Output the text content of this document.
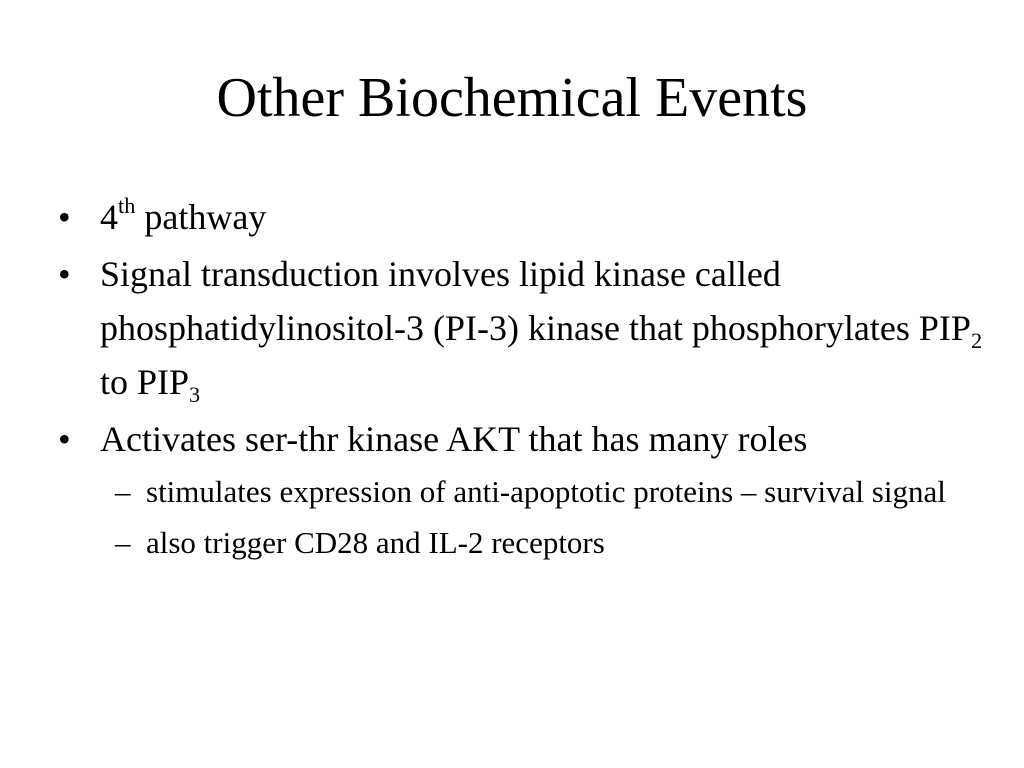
Other Biochemical Events
• 4th pathway
• Signal transduction involves lipid kinase called phosphatidylinositol-3 (PI-3) kinase that phosphorylates $PIP_2$ to $PIP_3$
• Activates ser-thr kinase AKT that has many roles
– stimulates expression of anti-apoptotic proteins – survival signal
– also trigger CD28 and IL-2 receptors
